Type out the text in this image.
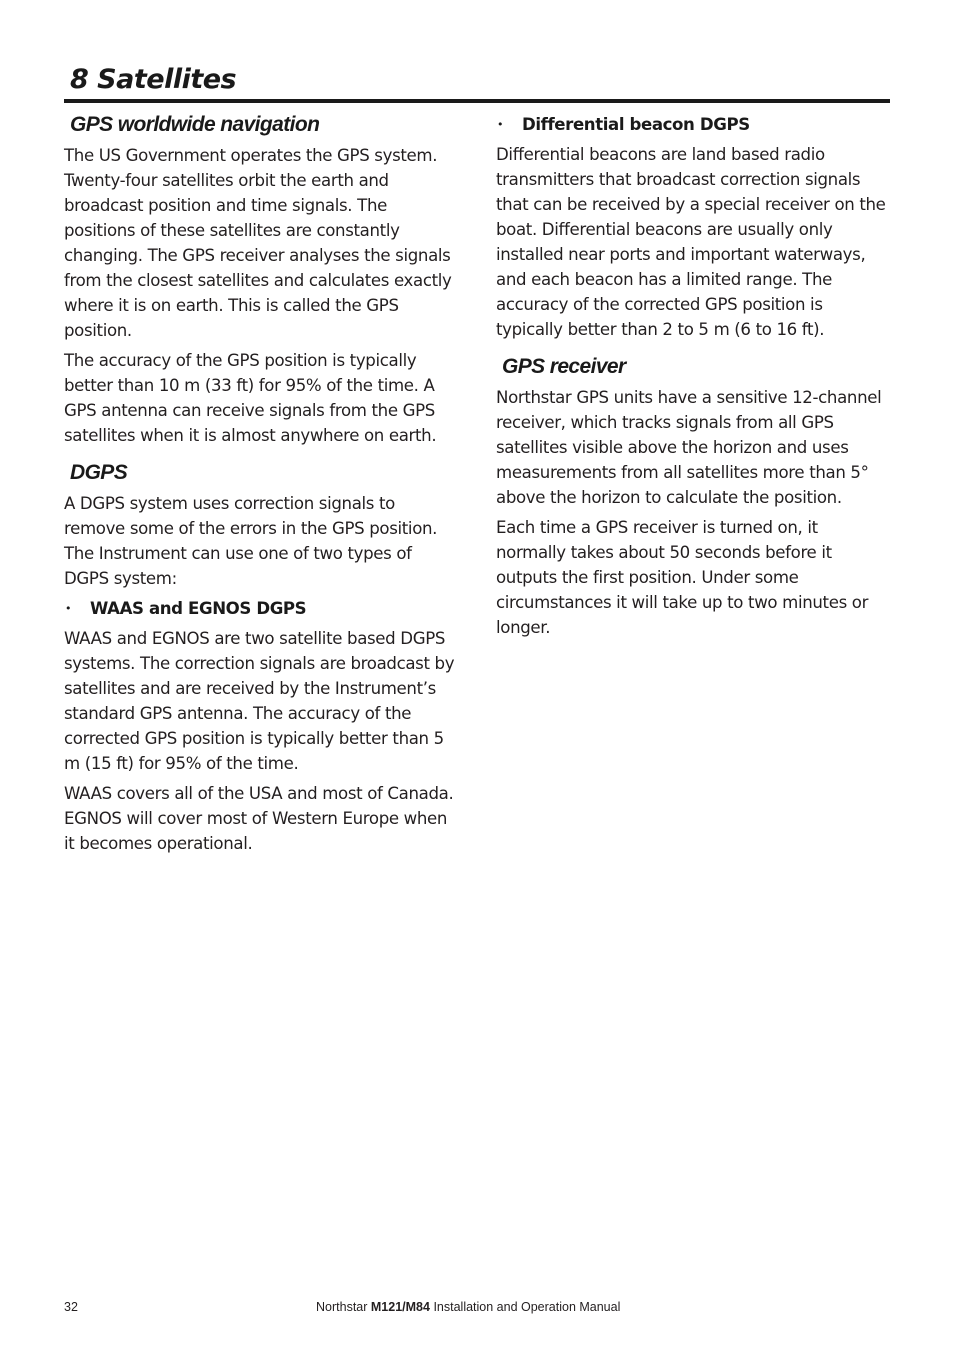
8 Satellites
GPS worldwide navigation

The US Government operates the GPS system. Twenty-four satellites orbit the earth and broadcast position and time signals. The positions of these satellites are constantly changing. The GPS receiver analyses the signals from the closest satellites and calculates exactly where it is on earth. This is called the GPS position.

The accuracy of the GPS position is typically better than 10 m (33 ft) for 95% of the time. A GPS antenna can receive signals from the GPS satellites when it is almost anywhere on earth.

DGPS

A DGPS system uses correction signals to remove some of the errors in the GPS position. The Instrument can use one of two types of DGPS system:

• WAAS and EGNOS DGPS

WAAS and EGNOS are two satellite based DGPS systems. The correction signals are broadcast by satellites and are received by the Instrument’s standard GPS antenna. The accuracy of the corrected GPS position is typically better than 5 m (15 ft) for 95% of the time.

WAAS covers all of the USA and most of Canada. EGNOS will cover most of Western Europe when it becomes operational.

• Differential beacon DGPS

Differential beacons are land based radio transmitters that broadcast correction signals that can be received by a special receiver on the boat. Differential beacons are usually only installed near ports and important waterways, and each beacon has a limited range. The accuracy of the corrected GPS position is typically better than 2 to 5 m (6 to 16 ft).

GPS receiver

Northstar GPS units have a sensitive 12-channel receiver, which tracks signals from all GPS satellites visible above the horizon and uses measurements from all satellites more than 5° above the horizon to calculate the position.

Each time a GPS receiver is turned on, it normally takes about 50 seconds before it outputs the first position. Under some circumstances it will take up to two minutes or longer.

32	Northstar M121/M84 Installation and Operation Manual
